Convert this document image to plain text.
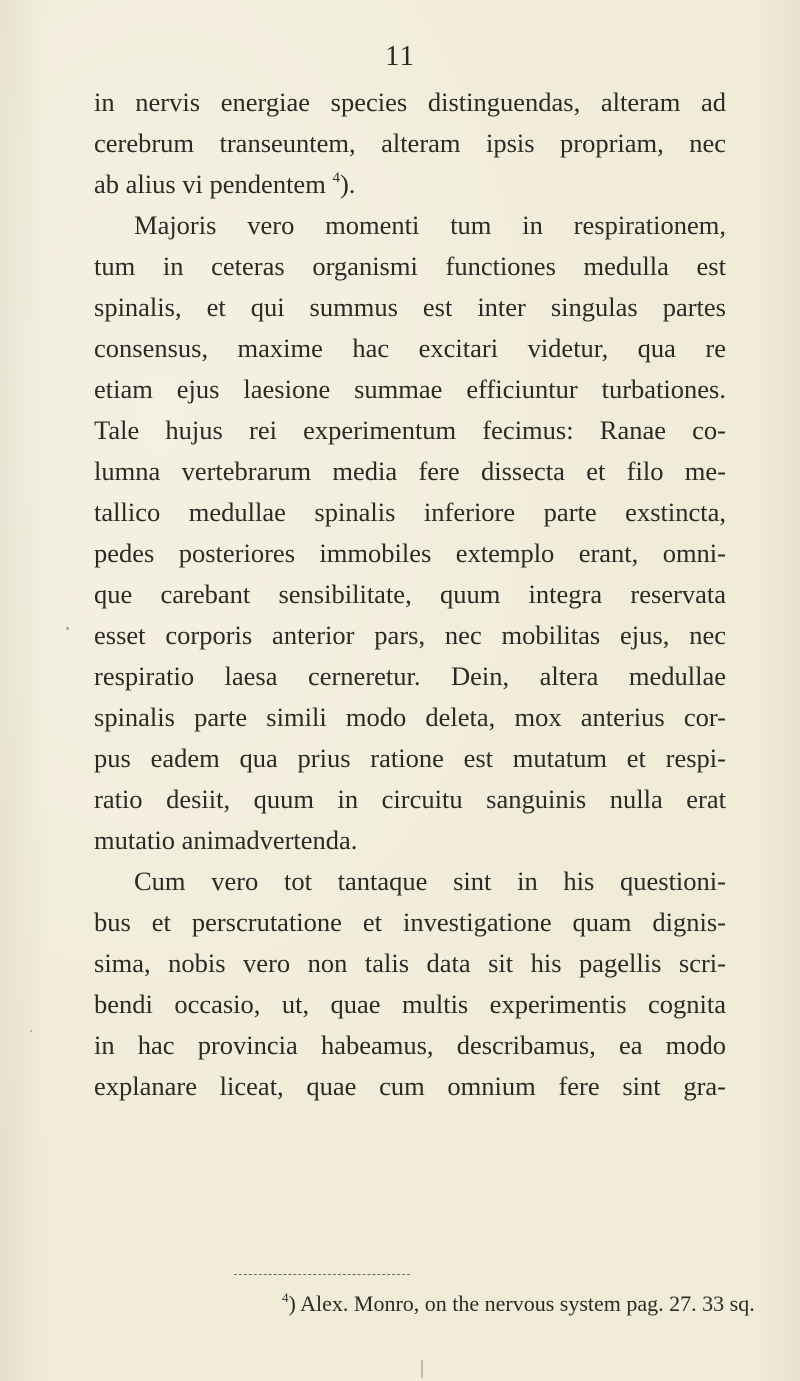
11
in nervis energiae species distinguendas, alteram ad
cerebrum transeuntem, alteram ipsis propriam, nec
ab alius vi pendentem $^4$).
Majoris vero momenti tum in respirationem,
tum in ceteras organismi functiones medulla est
spinalis, et qui summus est inter singulas partes
consensus, maxime hac excitari videtur, qua re
etiam ejus laesione summae efficiuntur turbationes.
Tale hujus rei experimentum fecimus: Ranae co-
lumna vertebrarum media fere dissecta et filo me-
tallico medullae spinalis inferiore parte exstincta,
pedes posteriores immobiles extemplo erant, omni-
que carebant sensibilitate, quum integra reservata
esset corporis anterior pars, nec mobilitas ejus, nec
respiratio laesa cerneretur. Dein, altera medullae
spinalis parte simili modo deleta, mox anterius cor-
pus eadem qua prius ratione est mutatum et respi-
ratio desiit, quum in circuitu sanguinis nulla erat
mutatio animadvertenda.
Cum vero tot tantaque sint in his questioni-
bus et perscrutatione et investigatione quam dignis-
sima, nobis vero non talis data sit his pagellis scri-
bendi occasio, ut, quae multis experimentis cognita
in hac provincia habeamus, describamus, ea modo
explanare liceat, quae cum omnium fere sint gra-
$^4$) Alex. Monro, on the nervous system pag. 27. 33 sq.
